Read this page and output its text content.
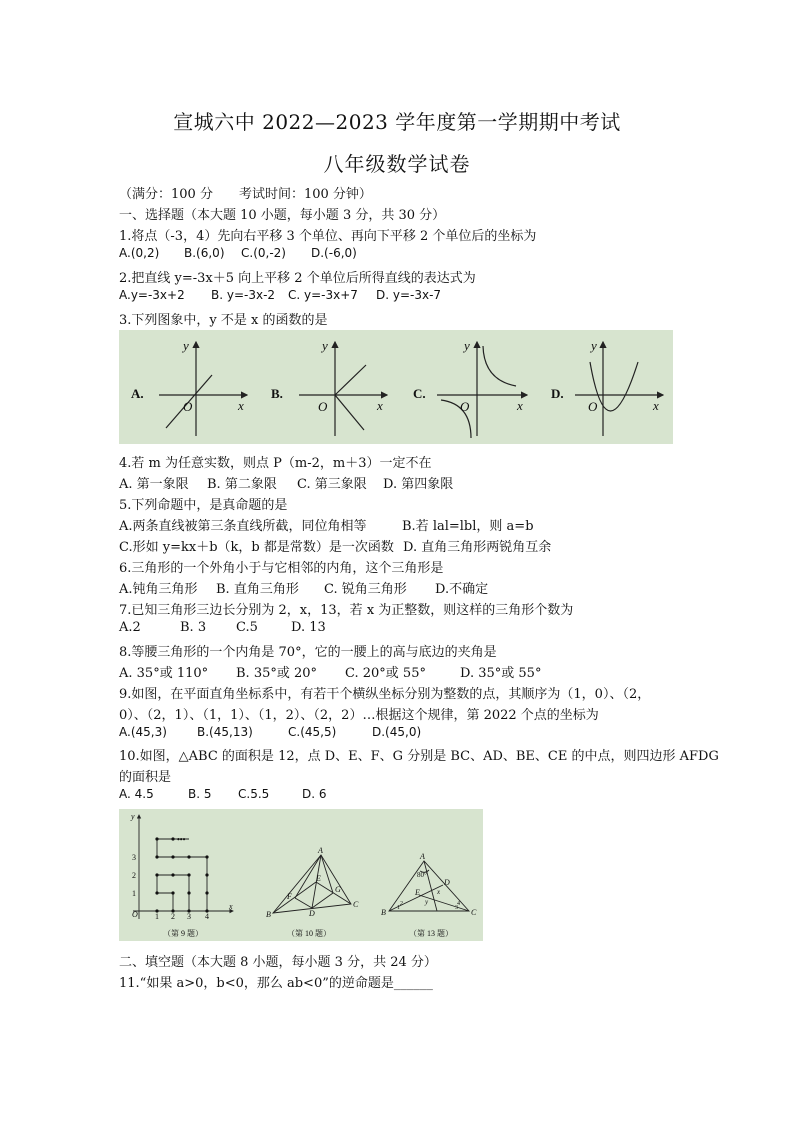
宣城六中 2022—2023 学年度第一学期期中考试
八年级数学试卷
（满分：100 分　　考试时间：100 分钟）
一、选择题（本大题 10 小题，每小题 3 分，共 30 分）
1.将点（-3，4）先向右平移 3 个单位、再向下平移 2 个单位后的坐标为
A.(0,2) B.(6,0) C.(0,-2) D.(-6,0)
2.把直线 y=-3x＋5 向上平移 2 个单位后所得直线的表达式为
A.y=-3x+2 B. y=-3x-2 C. y=-3x+7 D. y=-3x-7
3.下列图象中，y 不是 x 的函数的是
A.
y
x
O
B.
y
x
O
C.
y
x
O
D.
y
x
O
4.若 m 为任意实数，则点 P（m-2，m＋3）一定不在
A. 第一象限 B. 第二象限 C. 第三象限 D. 第四象限
5.下列命题中，是真命题的是
A.两条直线被第三条直线所截，同位角相等	B.若 lal=lbl，则 a=b
C.形如 y=kx＋b（k，b 都是常数）是一次函数 D. 直角三角形两锐角互余
6.三角形的一个外角小于与它相邻的内角，这个三角形是
A.钝角三角形 B. 直角三角形 C. 锐角三角形 D.不确定
7.已知三角形三边长分别为 2，x，13，若 x 为正整数，则这样的三角形个数为
A.2	B. 3 C.5	D. 13
8.等腰三角形的一个内角是 70°，它的一腰上的高与底边的夹角是
A. 35°或 110° B. 35°或 20° C. 20°或 55°	D. 35°或 55°
9.如图，在平面直角坐标系中，有若干个横纵坐标分别为整数的点，其顺序为（1，0）、（2，
0）、（2，1）、（1，1）、（1，2）、（2，2）…根据这个规律，第 2022 个点的坐标为
A.(45,3)	B.(45,13)	C.(45,5)	D.(45,0)
10.如图，△ABC 的面积是 12，点 D、E、F、G 分别是 BC、AD、BE、CE 的中点，则四边形 AFDG
的面积是
A. 4.5	B. 5 C.5.5	D. 6
y
x
O 1 2 3 4
1
2
3
•••
（第 9 题）
A
B
C
D
E
F
G
（第 10 题）
A
B	C
D
E
80°
x
y
1
2
3
4
（第 13 题）
二、填空题（本大题 8 小题，每小题 3 分，共 24 分）
11.“如果 a>0，b<0，那么 ab<0”的逆命题是______
